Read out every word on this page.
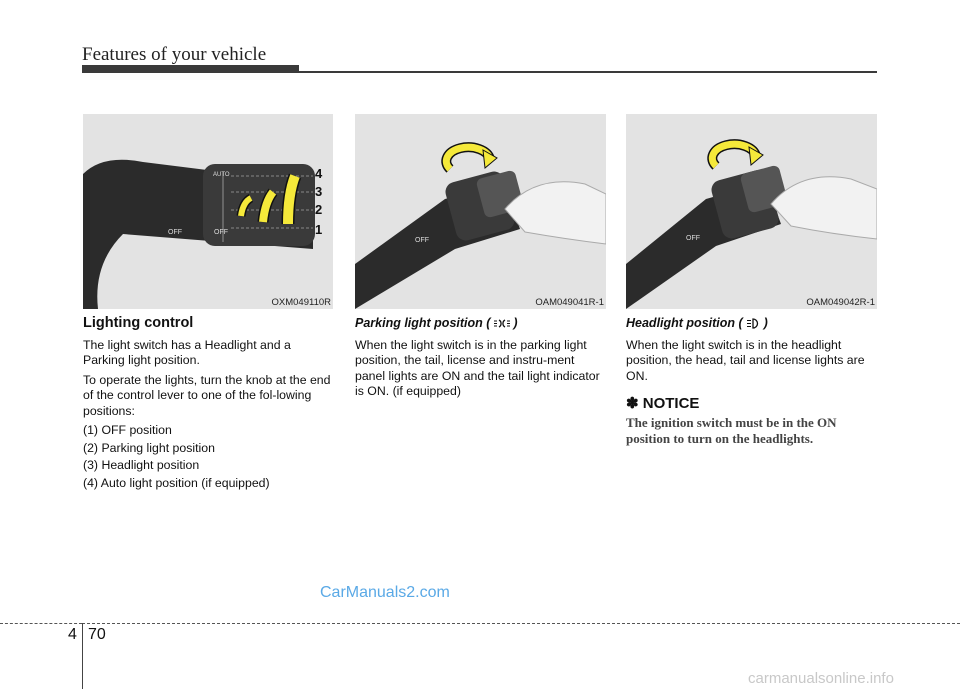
Features of your vehicle
AUTO
OFF	OFF
4
3
2
1
OXM049110R
OFF
OAM049041R-1
OFF
OAM049042R-1

Lighting control

The light switch has a Headlight and a Parking light position.

To operate the lights, turn the knob at the end of the control lever to one of the fol-lowing positions:

(1) OFF position

(2) Parking light position

(3) Headlight position

(4) Auto light position (if equipped)

Parking light position ( )

When the light switch is in the parking light position, the tail, license and instru-ment panel lights are ON and the tail light indicator is ON. (if equipped)

Headlight position ( )

When the light switch is in the headlight position, the head, tail and license lights are ON.

✽ NOTICE

The ignition switch must be in the ON position to turn on the headlights.

CarManuals2.com
4 70
carmanualsonline.info
